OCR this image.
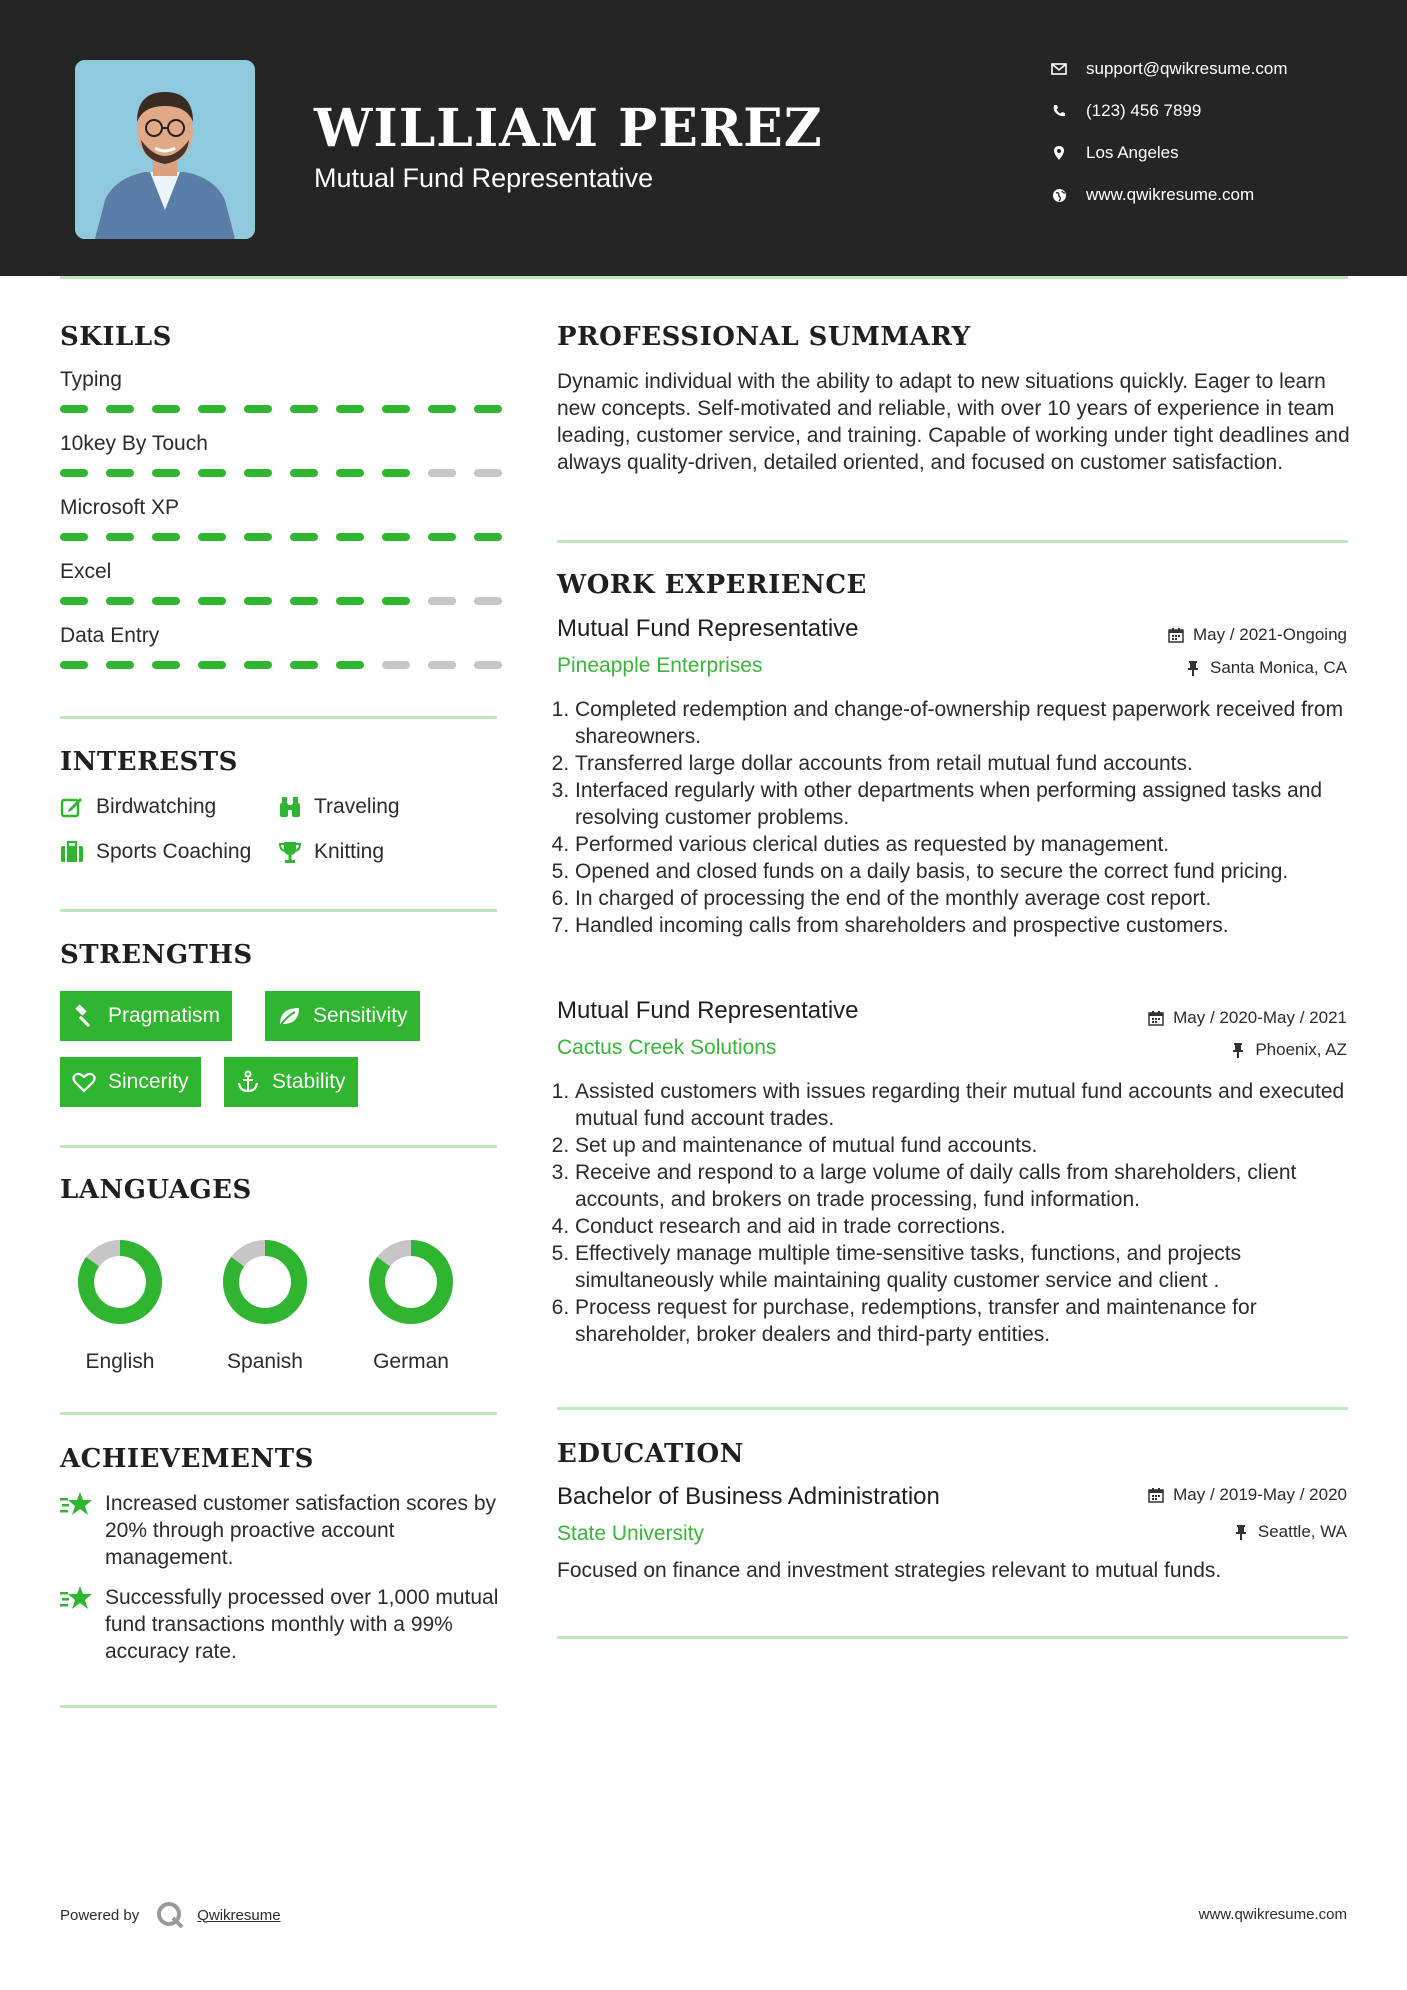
WILLIAM PEREZ
Mutual Fund Representative
support@qwikresume.com
(123) 456 7899
Los Angeles
www.qwikresume.com
SKILLS
Typing
10key By Touch
Microsoft XP
Excel
Data Entry
INTERESTS
Birdwatching	Traveling
Sports Coaching	Knitting
STRENGTHS
Pragmatism	Sensitivity
Sincerity	Stability
LANGUAGES
English	Spanish	German
ACHIEVEMENTS
Increased customer satisfaction scores by 20% through proactive account management.
Successfully processed over 1,000 mutual fund transactions monthly with a 99% accuracy rate.
PROFESSIONAL SUMMARY
Dynamic individual with the ability to adapt to new situations quickly. Eager to learn new concepts. Self-motivated and reliable, with over 10 years of experience in team leading, customer service, and training. Capable of working under tight deadlines and always quality-driven, detailed oriented, and focused on customer satisfaction.
WORK EXPERIENCE
Mutual Fund Representative	May / 2021-Ongoing
Pineapple Enterprises	Santa Monica, CA
1. Completed redemption and change-of-ownership request paperwork received from shareowners.
2. Transferred large dollar accounts from retail mutual fund accounts.
3. Interfaced regularly with other departments when performing assigned tasks and resolving customer problems.
4. Performed various clerical duties as requested by management.
5. Opened and closed funds on a daily basis, to secure the correct fund pricing.
6. In charged of processing the end of the monthly average cost report.
7. Handled incoming calls from shareholders and prospective customers.
Mutual Fund Representative	May / 2020-May / 2021
Cactus Creek Solutions	Phoenix, AZ
1. Assisted customers with issues regarding their mutual fund accounts and executed mutual fund account trades.
2. Set up and maintenance of mutual fund accounts.
3. Receive and respond to a large volume of daily calls from shareholders, client accounts, and brokers on trade processing, fund information.
4. Conduct research and aid in trade corrections.
5. Effectively manage multiple time-sensitive tasks, functions, and projects simultaneously while maintaining quality customer service and client .
6. Process request for purchase, redemptions, transfer and maintenance for shareholder, broker dealers and third-party entities.
EDUCATION
Bachelor of Business Administration	May / 2019-May / 2020
State University	Seattle, WA
Focused on finance and investment strategies relevant to mutual funds.
Powered by	Qwikresume	www.qwikresume.com
